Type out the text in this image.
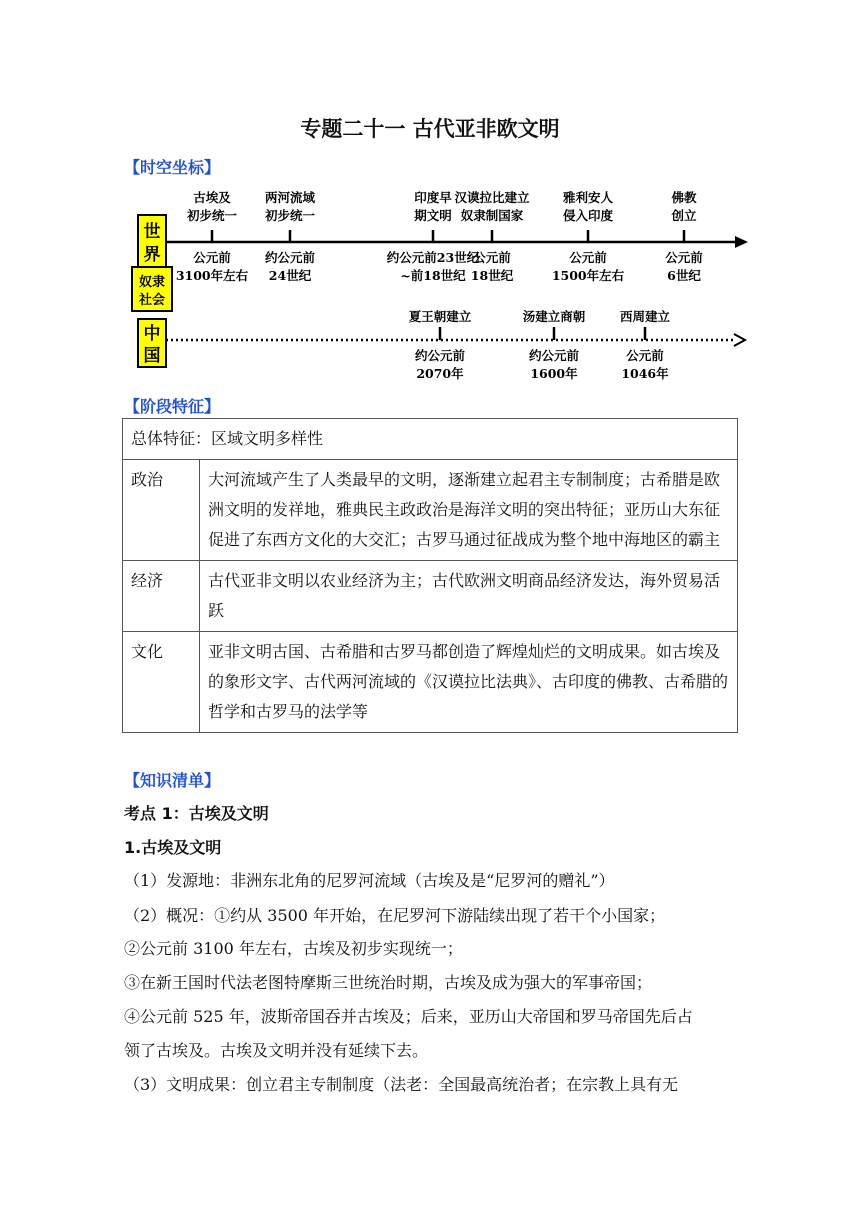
专题二十一 古代亚非欧文明
【时空坐标】
世
界
奴隶
社会
中
国
古埃及
初步统一
公元前
3100年左右
两河流域
初步统一
约公元前
24世纪
印度早
期文明
约公元前23世纪
~前18世纪
汉谟拉比建立
奴隶制国家
公元前
18世纪
雅利安人
侵入印度
公元前
1500年左右
佛教
创立
公元前
6世纪
夏王朝建立
约公元前
2070年
汤建立商朝
约公元前
1600年
西周建立
公元前
1046年
【阶段特征】
总体特征：区域文明多样性	
政治	大河流域产生了人类最早的文明，逐渐建立起君主专制制度；古希腊是欧洲文明的发祥地，雅典民主政政治是海洋文明的突出特征；亚历山大东征促进了东西方文化的大交汇；古罗马通过征战成为整个地中海地区的霸主
经济	古代亚非文明以农业经济为主；古代欧洲文明商品经济发达，海外贸易活跃
文化	亚非文明古国、古希腊和古罗马都创造了辉煌灿烂的文明成果。如古埃及的象形文字、古代两河流域的《汉谟拉比法典》、古印度的佛教、古希腊的哲学和古罗马的法学等
【知识清单】
考点 1：古埃及文明
1.古埃及文明
（1）发源地：非洲东北角的尼罗河流域（古埃及是“尼罗河的赠礼”）
（2）概况：①约从 3500 年开始，在尼罗河下游陆续出现了若干个小国家；
②公元前 3100 年左右，古埃及初步实现统一；
③在新王国时代法老图特摩斯三世统治时期，古埃及成为强大的军事帝国；
④公元前 525 年，波斯帝国吞并古埃及；后来，亚历山大帝国和罗马帝国先后占
领了古埃及。古埃及文明并没有延续下去。
（3）文明成果：创立君主专制制度（法老：全国最高统治者；在宗教上具有无
